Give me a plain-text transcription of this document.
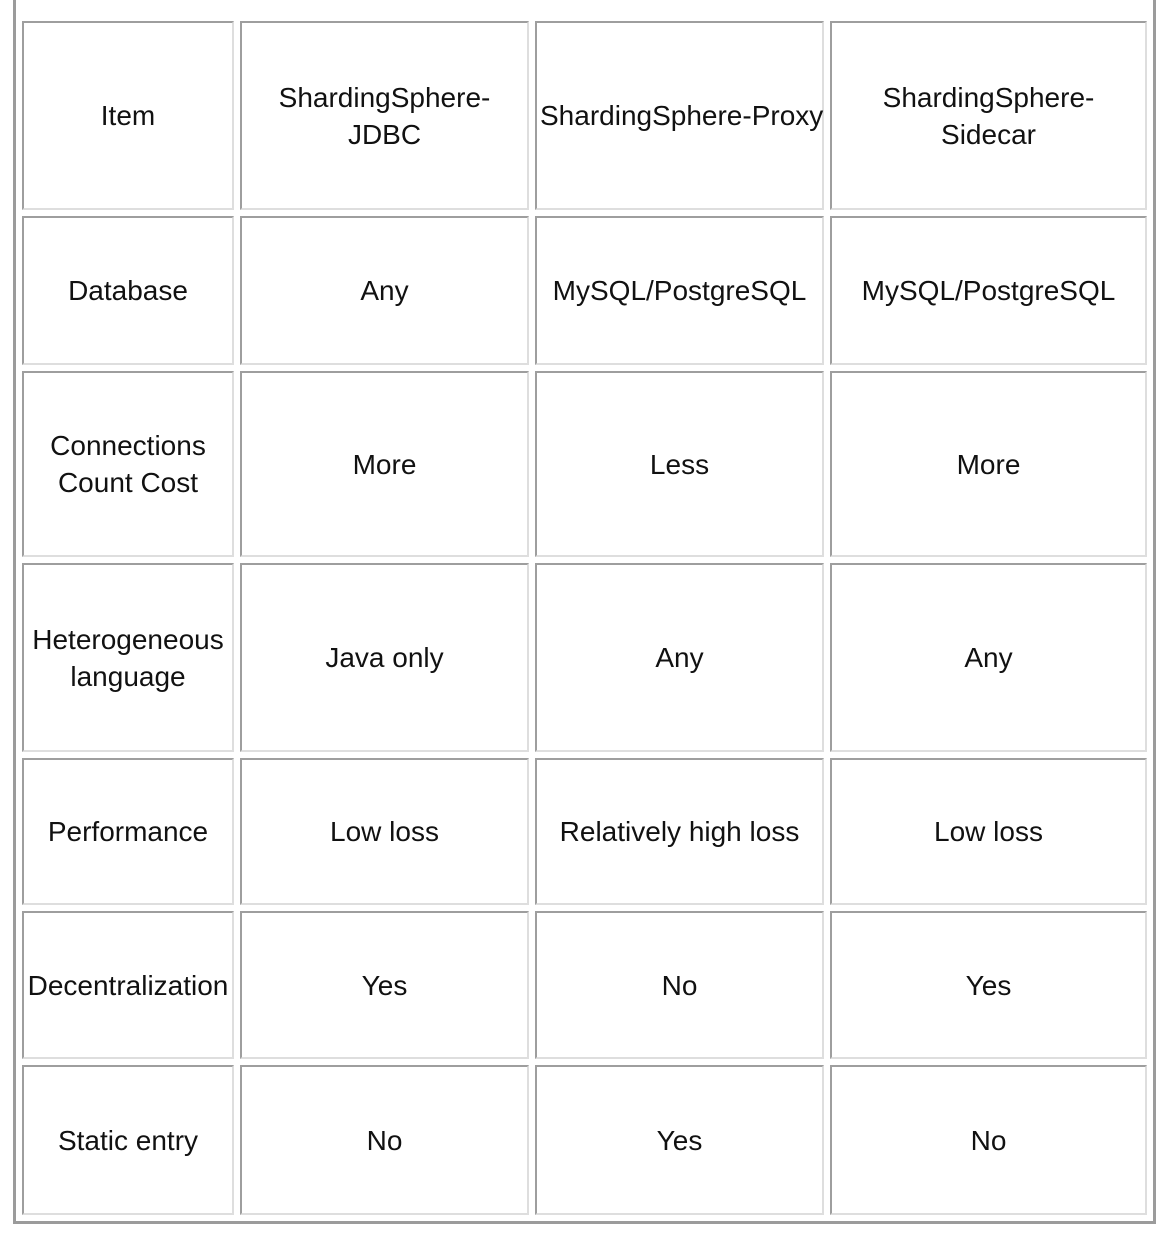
Item	ShardingSphere-JDBC	ShardingSphere-Proxy	ShardingSphere-Sidecar
Database	Any	MySQL/PostgreSQL	MySQL/PostgreSQL
Connections Count Cost	More	Less	More
Heterogeneous language	Java only	Any	Any
Performance	Low loss	Relatively high loss	Low loss
Decentralization	Yes	No	Yes
Static entry	No	Yes	No
